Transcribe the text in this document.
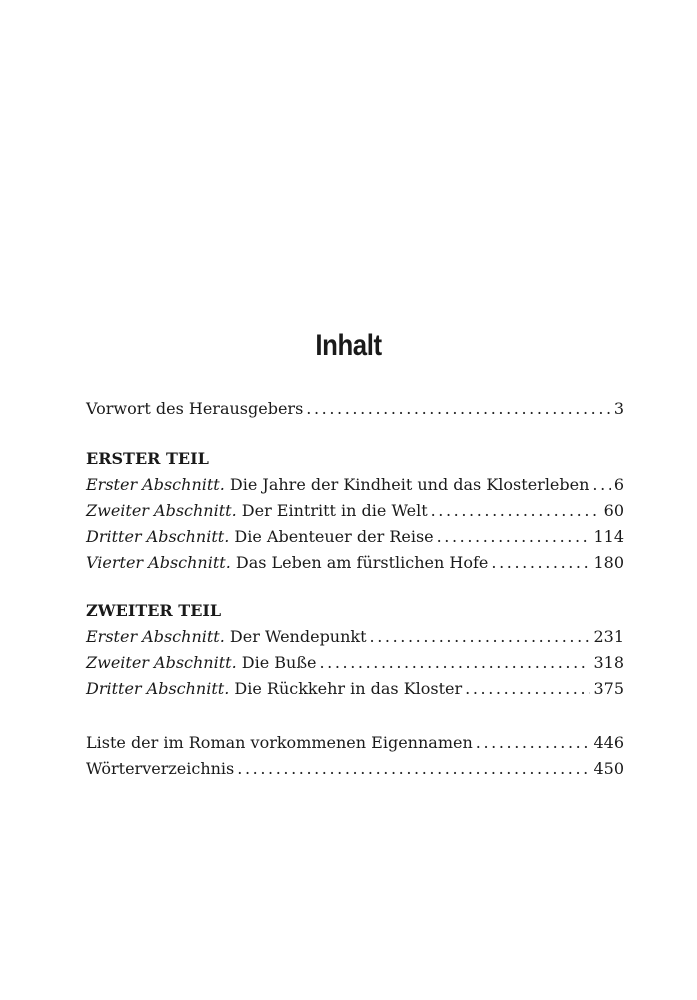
Inhalt
Vorwort des Herausgebers .....	3
ERSTER TEIL
Erster Abschnitt. Die Jahre der Kindheit und das Klosterleben ..... 6
Zweiter Abschnitt. Der Eintritt in die Welt .....	60
Dritter Abschnitt. Die Abenteuer der Reise .....	114
Vierter Abschnitt. Das Leben am fürstlichen Hofe .....	180
ZWEITER TEIL
Erster Abschnitt. Der Wendepunkt .....	231
Zweiter Abschnitt. Die Buße .....	318
Dritter Abschnitt. Die Rückkehr in das Kloster .....	375
Liste der im Roman vorkommenen Eigennamen .....	446
Wörterverzeichnis .....	450
